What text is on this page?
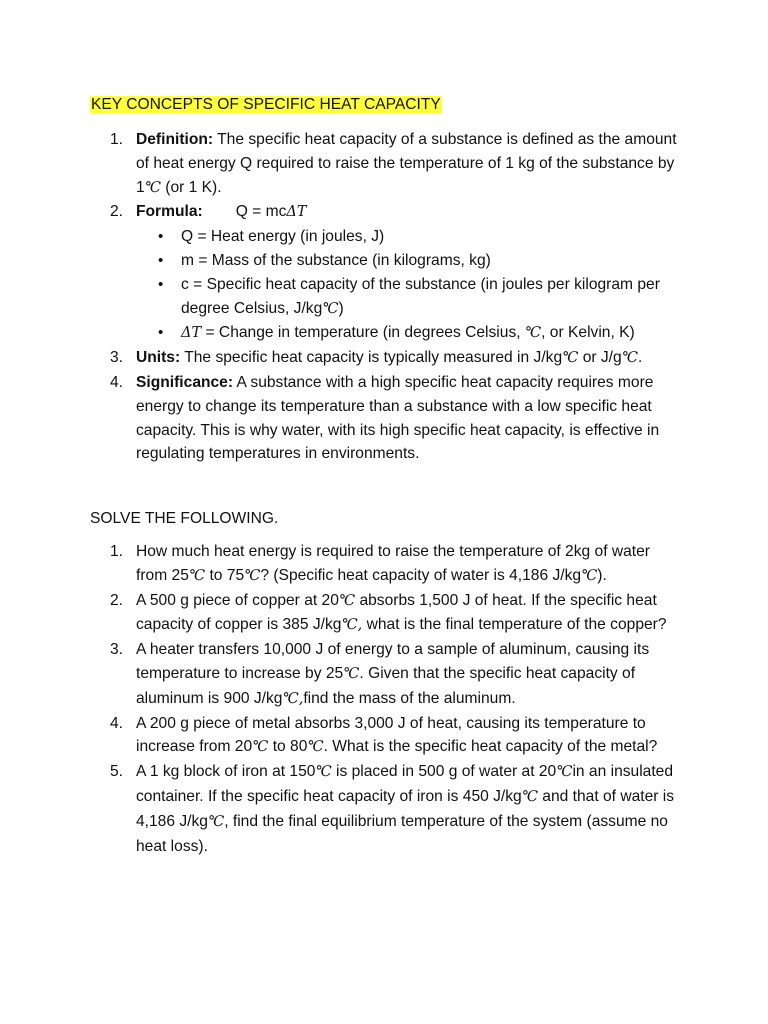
KEY CONCEPTS OF SPECIFIC HEAT CAPACITY
1. Definition: The specific heat capacity of a substance is defined as the amount of heat energy Q required to raise the temperature of 1 kg of the substance by 1℃ (or 1 K).
2. Formula: Q = mcΔT
• Q = Heat energy (in joules, J)
• m = Mass of the substance (in kilograms, kg)
• c = Specific heat capacity of the substance (in joules per kilogram per degree Celsius, J/kg℃)
• ΔT = Change in temperature (in degrees Celsius, ℃, or Kelvin, K)
3. Units: The specific heat capacity is typically measured in J/kg℃ or J/g℃.
4. Significance: A substance with a high specific heat capacity requires more energy to change its temperature than a substance with a low specific heat capacity. This is why water, with its high specific heat capacity, is effective in regulating temperatures in environments.
SOLVE THE FOLLOWING.
1. How much heat energy is required to raise the temperature of 2kg of water from 25℃ to 75℃? (Specific heat capacity of water is 4,186 J/kg℃).
2. A 500 g piece of copper at 20℃ absorbs 1,500 J of heat. If the specific heat capacity of copper is 385 J/kg℃, what is the final temperature of the copper?
3. A heater transfers 10,000 J of energy to a sample of aluminum, causing its temperature to increase by 25℃. Given that the specific heat capacity of aluminum is 900 J/kg℃,find the mass of the aluminum.
4. A 200 g piece of metal absorbs 3,000 J of heat, causing its temperature to increase from 20℃ to 80℃. What is the specific heat capacity of the metal?
5. A 1 kg block of iron at 150℃ is placed in 500 g of water at 20℃in an insulated container. If the specific heat capacity of iron is 450 J/kg℃ and that of water is 4,186 J/kg℃, find the final equilibrium temperature of the system (assume no heat loss).
